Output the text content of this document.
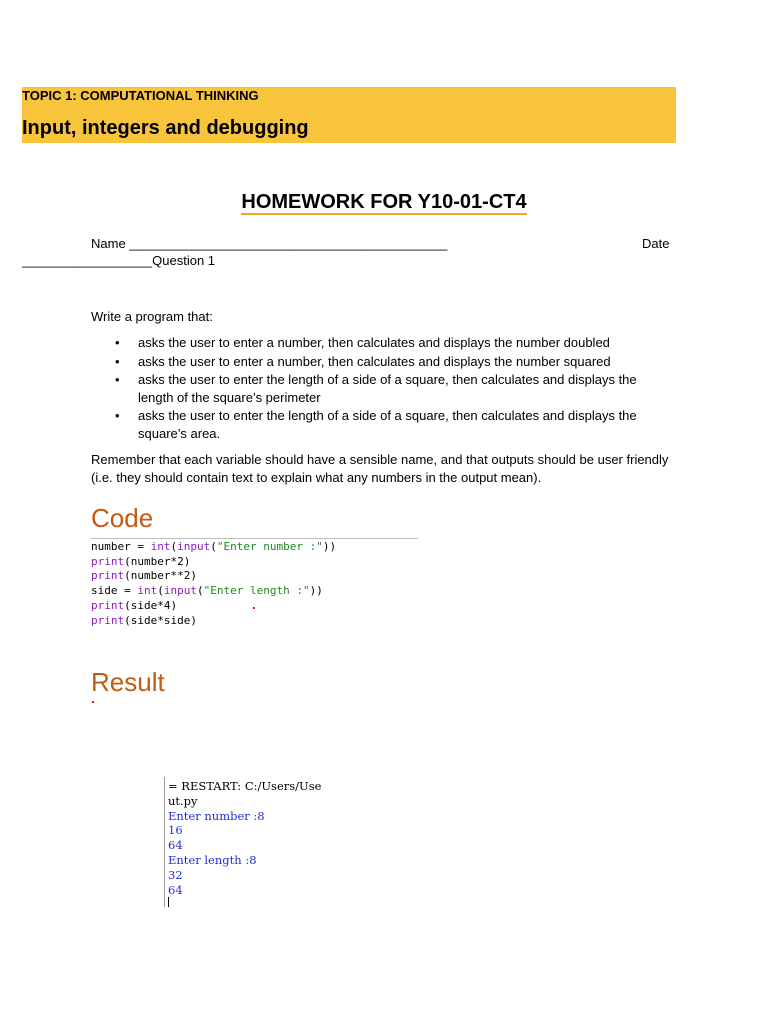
TOPIC 1: COMPUTATIONAL THINKING
Input, integers and debugging
HOMEWORK FOR Y10-01-CT4
Name ____________________________________________	Date
__________________Question 1
Write a program that:
• asks the user to enter a number, then calculates and displays the number doubled
• asks the user to enter a number, then calculates and displays the number squared
• asks the user to enter the length of a side of a square, then calculates and displays the length of the square’s perimeter
• asks the user to enter the length of a side of a square, then calculates and displays the square’s area.
Remember that each variable should have a sensible name, and that outputs should be user friendly (i.e. they should contain text to explain what any numbers in the output mean).
Code
number = int(input("Enter number :"))
print(number*2)
print(number**2)
side = int(input("Enter length :"))
print(side*4)
print(side*side)
Result
= RESTART: C:/Users/Use
ut.py
Enter number :8
16
64
Enter length :8
32
64
